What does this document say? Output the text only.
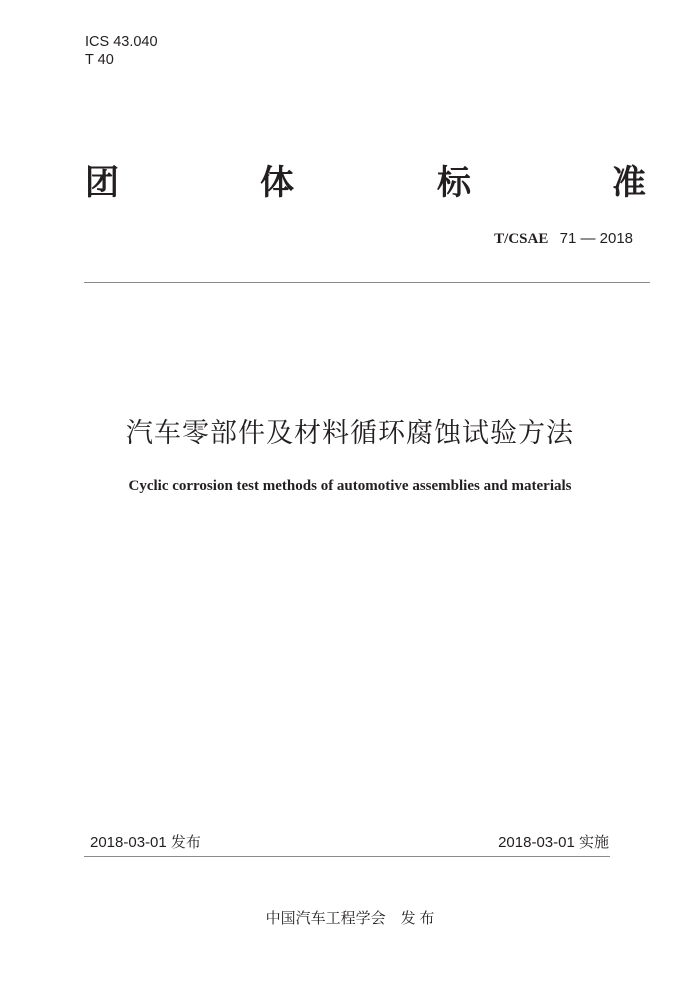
ICS 43.040
T 40
团	体	标	准
T/CSAE 71 — 2018
汽车零部件及材料循环腐蚀试验方法
Cyclic corrosion test methods of automotive assemblies and materials
2018-03-01 发布	2018-03-01 实施
中国汽车工程学会　发 布
